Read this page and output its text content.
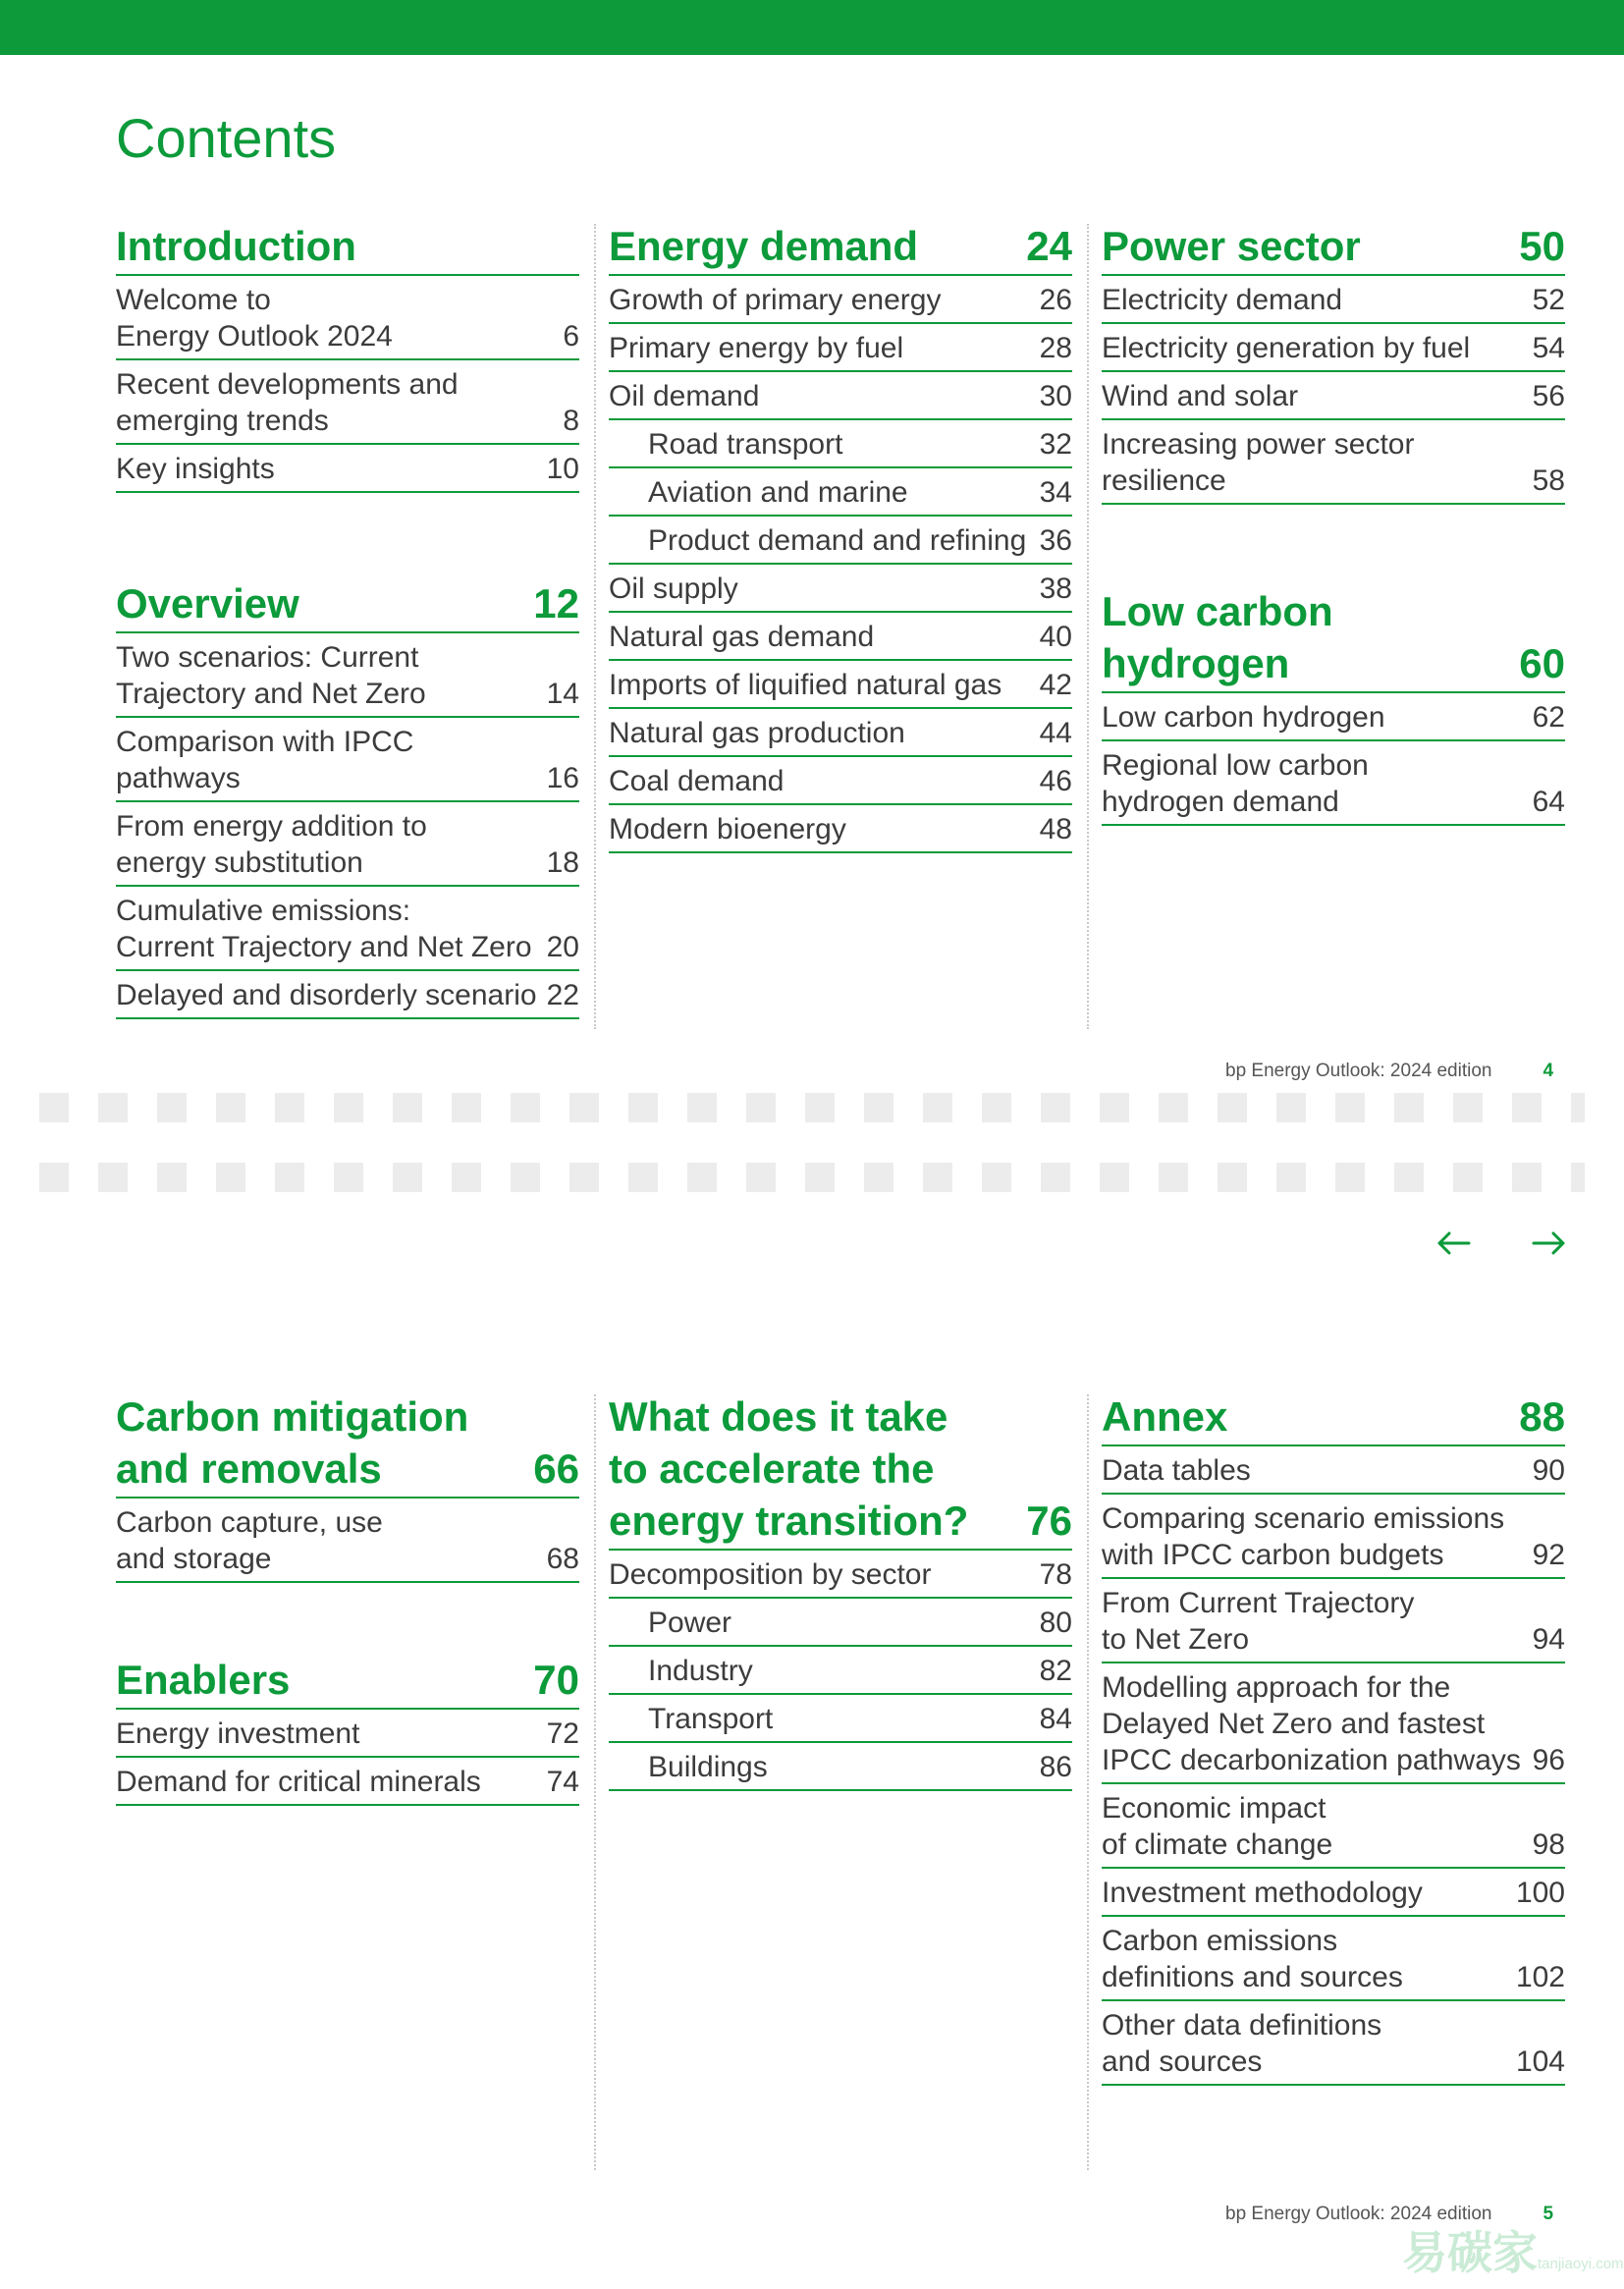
Contents
Introduction
Welcome to
Energy Outlook 2024	6
Recent developments and
emerging trends	8
Key insights	10
Overview	12
Two scenarios: Current
Trajectory and Net Zero	14
Comparison with IPCC
pathways	16
From energy addition to
energy substitution	18
Cumulative emissions:
Current Trajectory and Net Zero 20
Delayed and disorderly scenario 22
Energy demand	24
Growth of primary energy	26
Primary energy by fuel	28
Oil demand	30
Road transport	32
Aviation and marine	34
Product demand and refining 36
Oil supply	38
Natural gas demand	40
Imports of liquified natural gas 42
Natural gas production	44
Coal demand	46
Modern bioenergy	48
Power sector	50
Electricity demand	52
Electricity generation by fuel 54
Wind and solar	56
Increasing power sector
resilience	58
Low carbon
hydrogen	60
Low carbon hydrogen	62
Regional low carbon
hydrogen demand	64
bp Energy Outlook: 2024 edition	4
Carbon mitigation
and removals	66
Carbon capture, use
and storage	68
Enablers	70
Energy investment	72
Demand for critical minerals 74
What does it take
to accelerate the
energy transition? 76
Decomposition by sector	78
Power	80
Industry	82
Transport	84
Buildings	86
Annex	88
Data tables	90
Comparing scenario emissions
with IPCC carbon budgets	92
From Current Trajectory
to Net Zero	94
Modelling approach for the
Delayed Net Zero and fastest
IPCC decarbonization pathways 96
Economic impact
of climate change	98
Investment methodology	100
Carbon emissions
definitions and sources	102
Other data definitions
and sources	104
bp Energy Outlook: 2024 edition	5
易碳家tanjiaoyi.com
